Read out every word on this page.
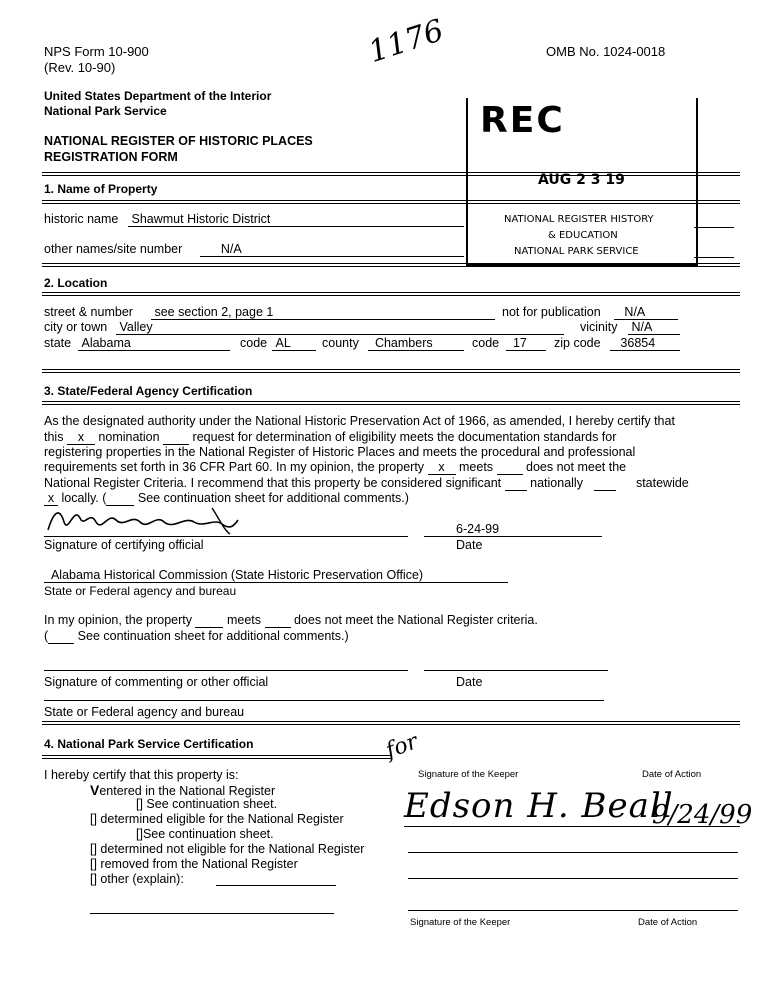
NPS Form 10-900
(Rev. 10-90)
OMB No. 1024-0018
1176
United States Department of the Interior
National Park Service
NATIONAL REGISTER OF HISTORIC PLACES
REGISTRATION FORM
REC
AUG 2 3 19
NATIONAL REGISTER HISTORY
& EDUCATION
NATIONAL PARK SERVICE
1. Name of Property
historic name Shawmut Historic District
other names/site number	N/A
2. Location
street & number see section 2, page 1	not for publication	N/A
city or town Valley	vicinity N/A
state Alabama	code AL	county	Chambers	code	17	zip code	36854
3. State/Federal Agency Certification
As the designated authority under the National Historic Preservation Act of 1966, as amended, I hereby certify that
this x nomination	request for determination of eligibility meets the documentation standards for
registering properties in the National Register of Historic Places and meets the procedural and professional
requirements set forth in 36 CFR Part 60. In my opinion, the property x meets	does not meet the
National Register Criteria. I recommend that this property be considered significant nationally	statewide
x locally. (	See continuation sheet for additional comments.)
6-24-99
Signature of certifying official	Date
Alabama Historical Commission (State Historic Preservation Office)
State or Federal agency and bureau
In my opinion, the property	meets	does not meet the National Register criteria.
( See continuation sheet for additional comments.)
Signature of commenting or other official	Date
State or Federal agency and bureau
4. National Park Service Certification
I hereby certify that this property is:
Ventered in the National Register
[] See continuation sheet.
[] determined eligible for the National Register
[]See continuation sheet.
[] determined not eligible for the National Register
[] removed from the National Register
[] other (explain):
for
Signature of the Keeper	Date of Action
Edson H. Beall
9/24/99
Signature of the Keeper	Date of Action
